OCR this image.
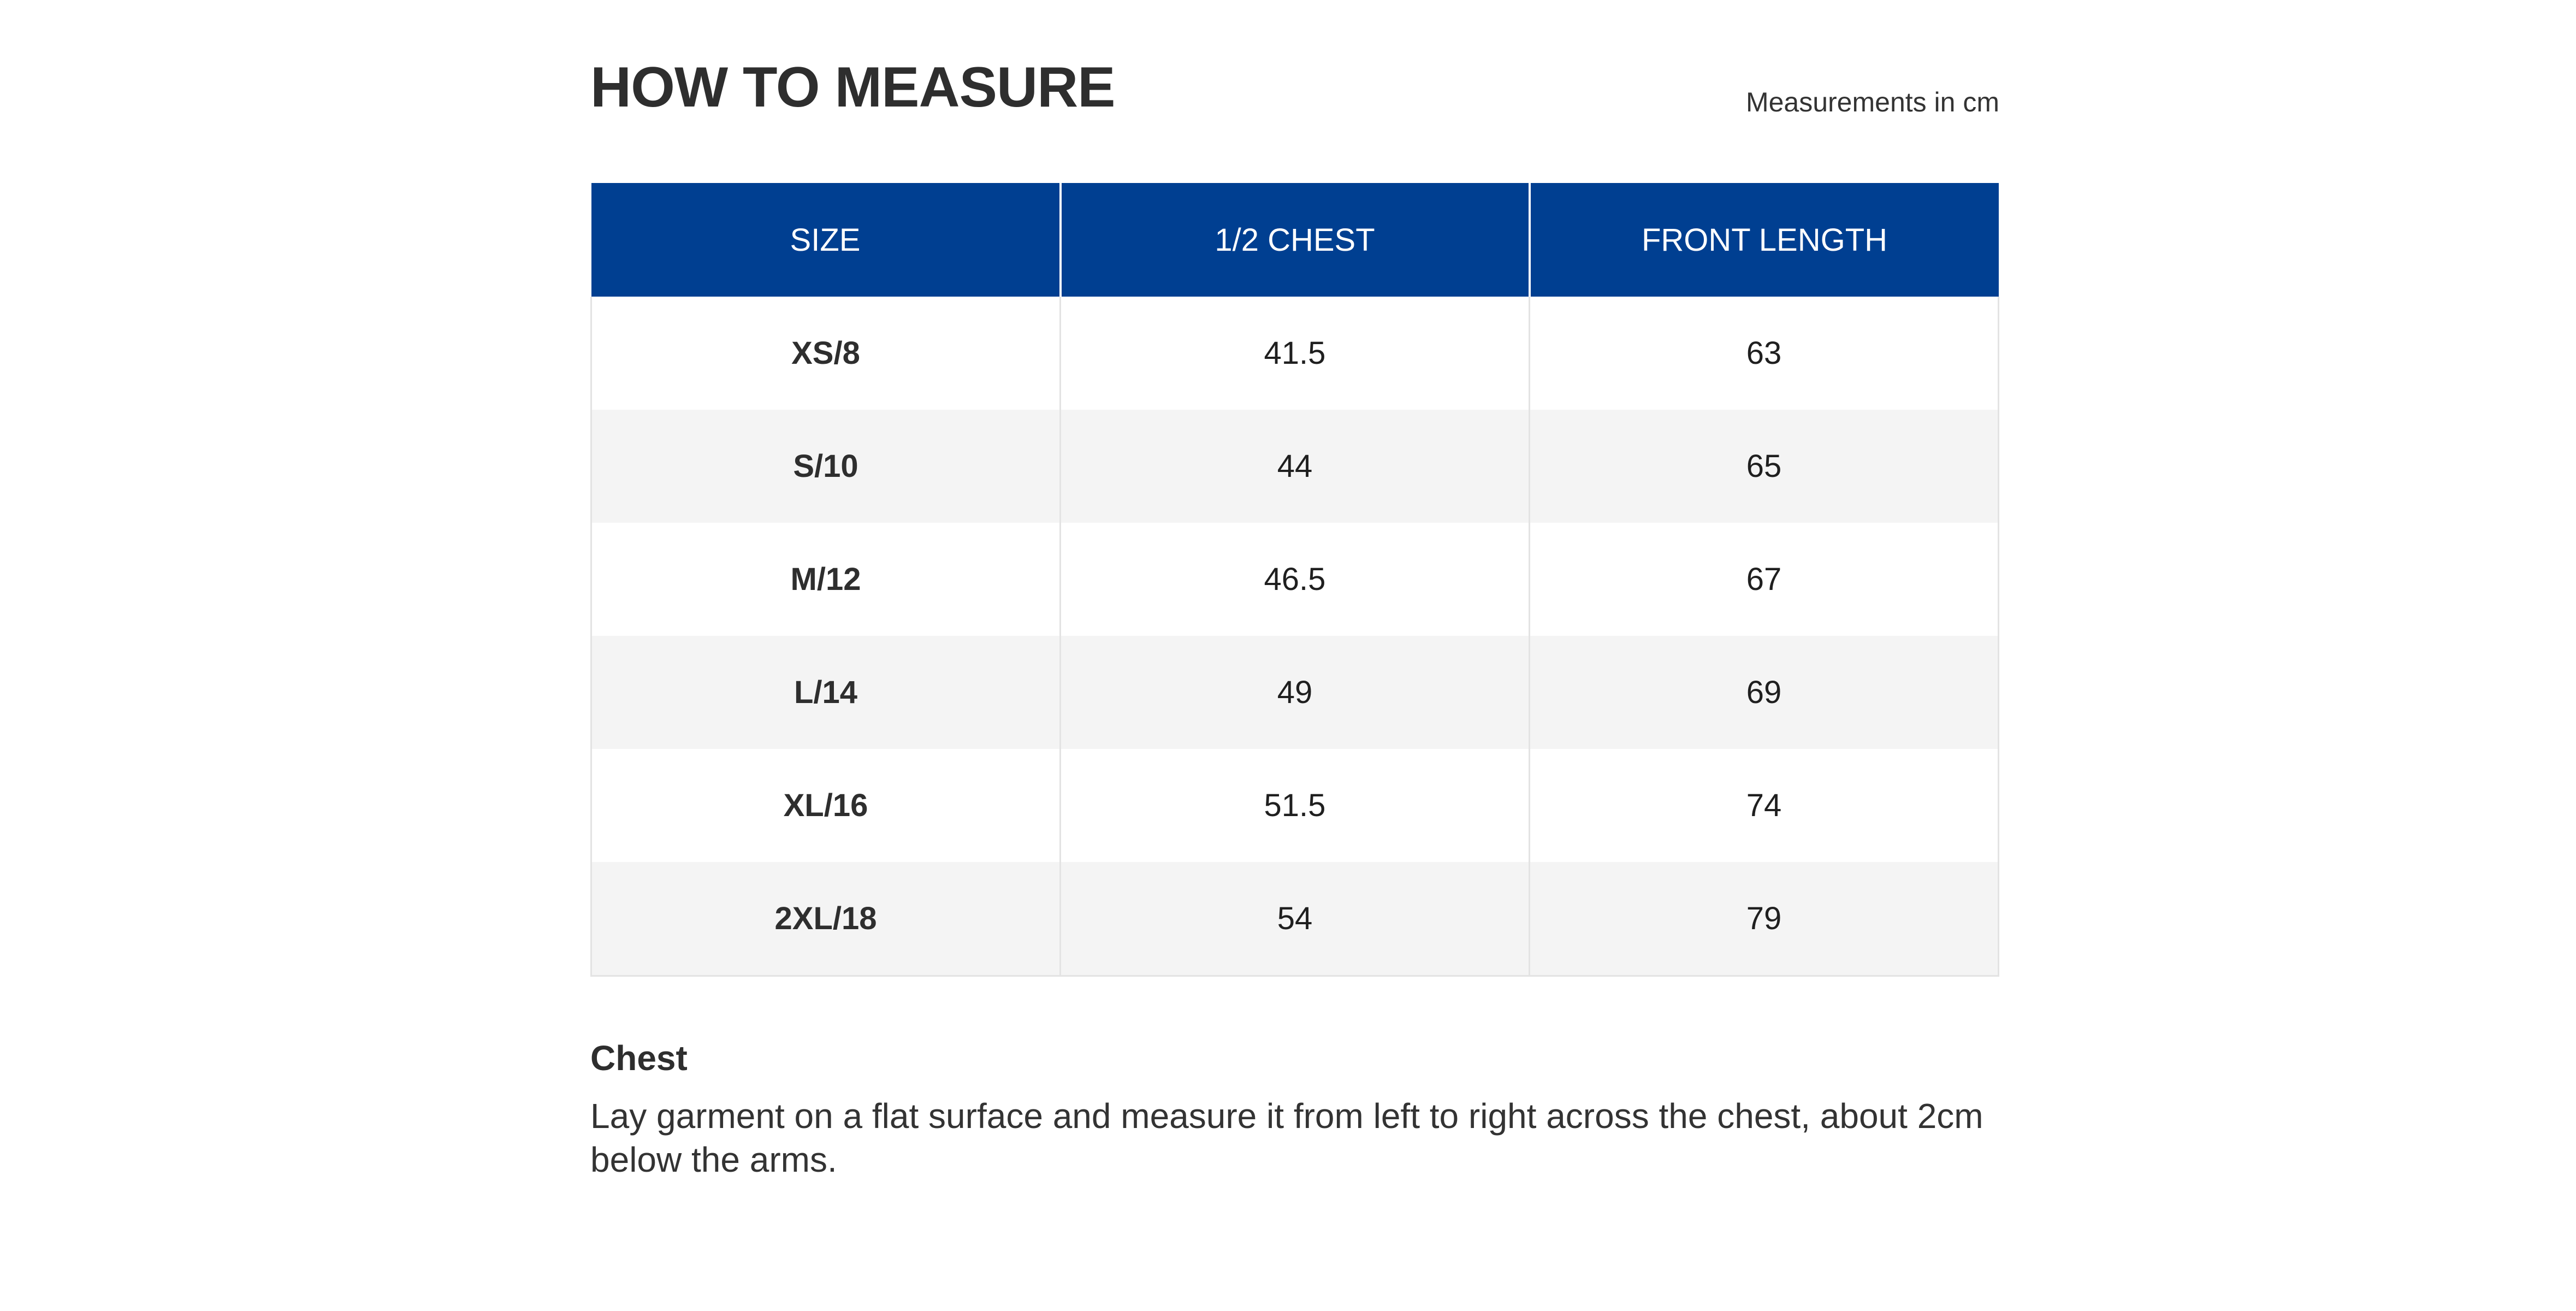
HOW TO MEASURE	Measurements in cm
SIZE	1/2 CHEST	FRONT LENGTH
XS/8	41.5	63
S/10	44	65
M/12	46.5	67
L/14	49	69
XL/16	51.5	74
2XL/18	54	79
Chest

Lay garment on a flat surface and measure it from left to right across the chest, about 2cm below the arms.
